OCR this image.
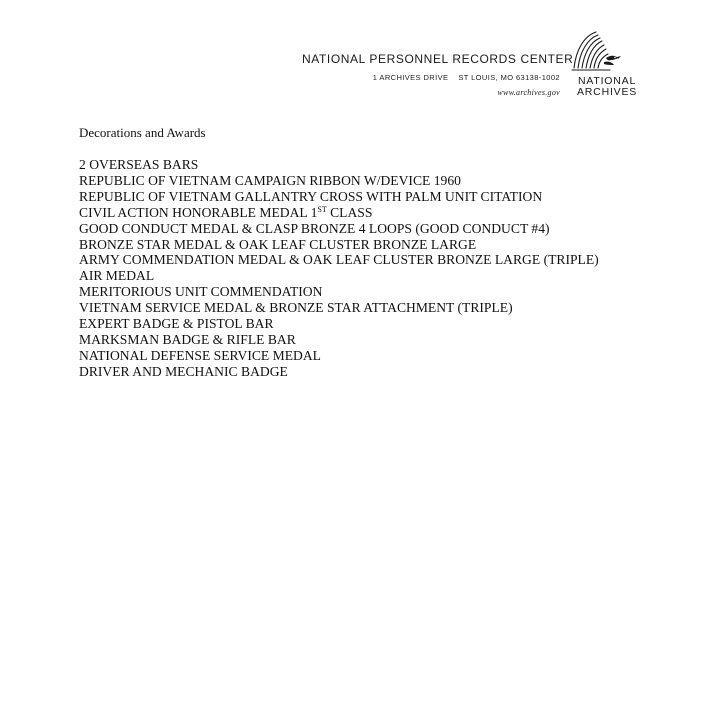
NATIONAL PERSONNEL RECORDS CENTER
1 ARCHIVES DRIVE ST LOUIS, MO 63138-1002
www.archives.gov
NATIONAL
ARCHIVES
Decorations and Awards
2 OVERSEAS BARS
REPUBLIC OF VIETNAM CAMPAIGN RIBBON W/DEVICE 1960
REPUBLIC OF VIETNAM GALLANTRY CROSS WITH PALM UNIT CITATION
CIVIL ACTION HONORABLE MEDAL 1ST CLASS
GOOD CONDUCT MEDAL & CLASP BRONZE 4 LOOPS (GOOD CONDUCT #4)
BRONZE STAR MEDAL & OAK LEAF CLUSTER BRONZE LARGE
ARMY COMMENDATION MEDAL & OAK LEAF CLUSTER BRONZE LARGE (TRIPLE)
AIR MEDAL
MERITORIOUS UNIT COMMENDATION
VIETNAM SERVICE MEDAL & BRONZE STAR ATTACHMENT (TRIPLE)
EXPERT BADGE & PISTOL BAR
MARKSMAN BADGE & RIFLE BAR
NATIONAL DEFENSE SERVICE MEDAL
DRIVER AND MECHANIC BADGE
